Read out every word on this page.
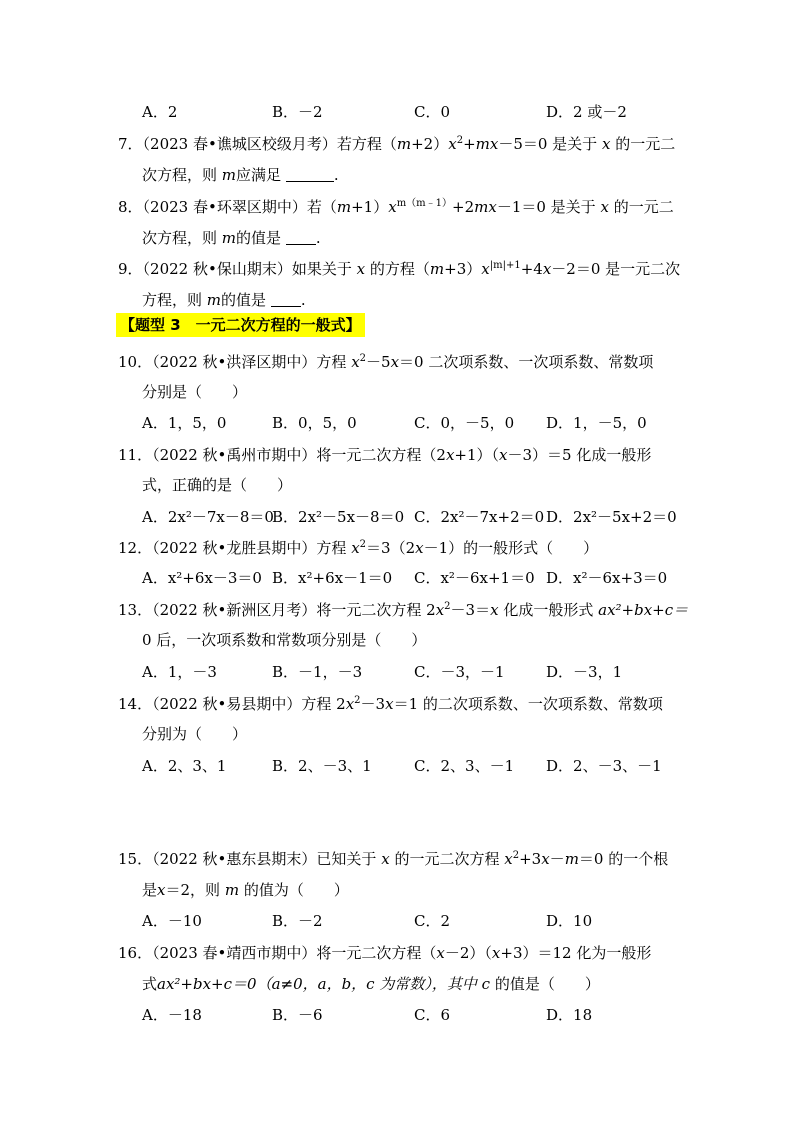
A．2	B．－2	C．0	D．2 或－2
7．（2023 春•谯城区校级月考）若方程$(m+2)x^2+mx-5=0$ 是关于 x 的一元二
次方程，则 m应满足	.
8．（2023 春•环翠区期中）若$(m+1)x^{m(m﹣1)}+2mx-1=0$ 是关于 x 的一元二
次方程，则 m的值是 .
9．（2022 秋•保山期末）如果关于 x 的方程$(m+3)x^{|m|+1}+4x-2=0$ 是一元二次
方程，则 m的值是 .
【题型 3　一元二次方程的一般式】
10．（2022 秋•洪泽区期中）方程 $x^2-5x=0$ 二次项系数、一次项系数、常数项
分别是（　　）
A．1，5，0	B．0，5，0	C．0，－5，0 D．1，－5，0
11．（2022 秋•禹州市期中）将一元二次方程（2x+1）（x－3）＝5 化成一般形
式，正确的是（　　）
A．2x²－7x－8＝0
B．2x²－5x－8＝0 C．2x²－7x+2＝0 D．2x²－5x+2＝0
12．（2022 秋•龙胜县期中）方程 $x^2=3(2x-1)$的一般形式（　　）
A．x²+6x－3＝0 B．x²+6x－1＝0 C．x²－6x+1＝0 D．x²－6x+3＝0
13．（2022 秋•新洲区月考）将一元二次方程 $2x^2-3=x$ 化成一般形式 ax²+bx+c＝
0 后，一次项系数和常数项分别是（　　）
A．1，－3	B．－1，－3	C．－3，－1	D．－3，1
14．（2022 秋•易县期中）方程 $2x^2-3x=1$ 的二次项系数、一次项系数、常数项
分别为（　　）
A．2、3、1	B．2、－3、1	C．2、3、－1 D．2、－3、－1
15．（2022 秋•惠东县期末）已知关于 x 的一元二次方程 $x^2+3x-m=0$ 的一个根
是x＝2，则 m 的值为（　　）
A．－10	B．－2	C．2	D．10
16．（2023 春•靖西市期中）将一元二次方程（x－2）（x+3）＝12 化为一般形
式ax²+bx+c＝0（a≠0，a，b，c 为常数），其中 c 的值是（　　）
A．－18	B．－6	C．6	D．18
